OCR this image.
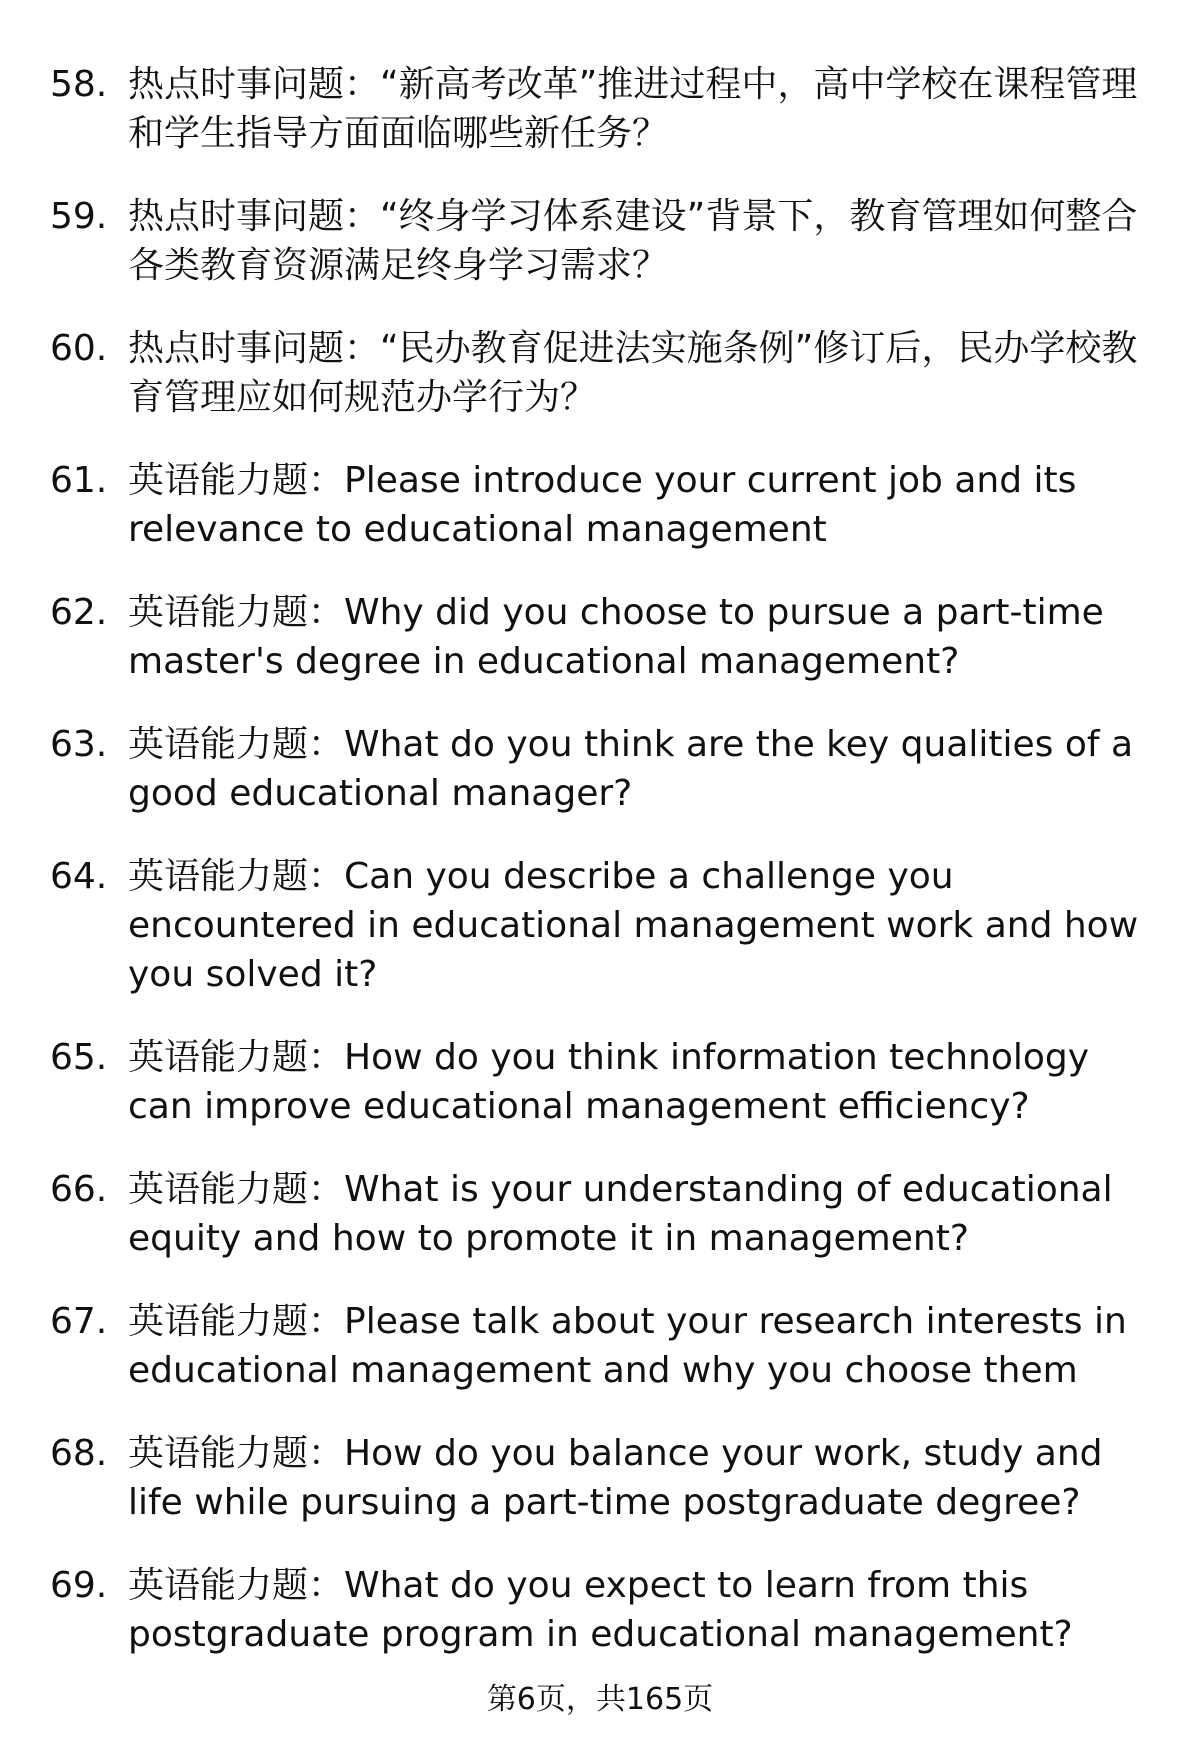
58. 热点时事问题：“新高考改革”推进过程中，高中学校在课程管理和学生指导方面面临哪些新任务？
59. 热点时事问题：“终身学习体系建设”背景下，教育管理如何整合各类教育资源满足终身学习需求？
60. 热点时事问题：“民办教育促进法实施条例”修订后，民办学校教育管理应如何规范办学行为？
61. 英语能力题：Please introduce your current job and its relevance to educational management
62. 英语能力题：Why did you choose to pursue a part-time master's degree in educational management?
63. 英语能力题：What do you think are the key qualities of a good educational manager?
64. 英语能力题：Can you describe a challenge you encountered in educational management work and how you solved it?
65. 英语能力题：How do you think information technology can improve educational management efficiency?
66. 英语能力题：What is your understanding of educational equity and how to promote it in management?
67. 英语能力题：Please talk about your research interests in educational management and why you choose them
68. 英语能力题：How do you balance your work, study and life while pursuing a part-time postgraduate degree?
69. 英语能力题：What do you expect to learn from this postgraduate program in educational management?
第6页，共165页
